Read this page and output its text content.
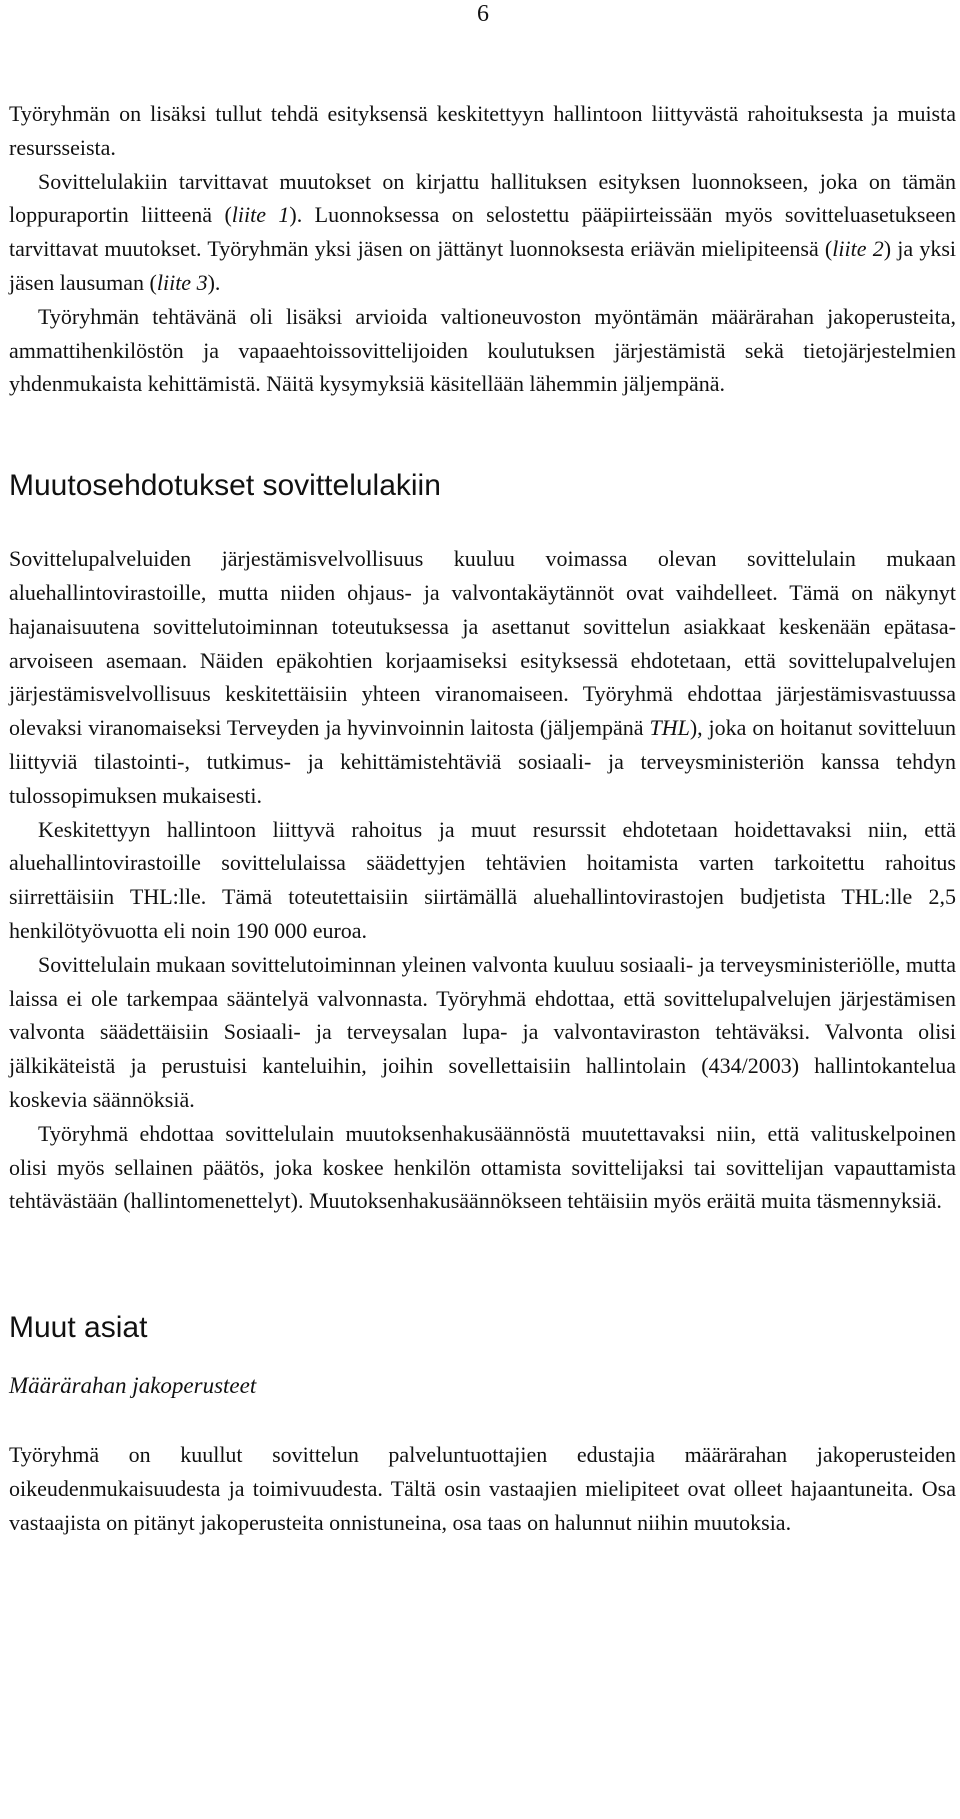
6

Työryhmän on lisäksi tullut tehdä esityksensä keskitettyyn hallintoon liittyvästä rahoituksesta ja muista resursseista.

Sovittelulakiin tarvittavat muutokset on kirjattu hallituksen esityksen luonnokseen, joka on tämän loppuraportin liitteenä (liite 1). Luonnoksessa on selostettu pääpiirteissään myös sovitteluasetukseen tarvittavat muutokset. Työryhmän yksi jäsen on jättänyt luonnoksesta eriävän mielipiteensä (liite 2) ja yksi jäsen lausuman (liite 3).

Työryhmän tehtävänä oli lisäksi arvioida valtioneuvoston myöntämän määrärahan jakoperusteita, ammattihenkilöstön ja vapaaehtoissovittelijoiden koulutuksen järjestämistä sekä tietojärjestelmien yhdenmukaista kehittämistä. Näitä kysymyksiä käsitellään lähemmin jäljempänä.

Muutosehdotukset sovittelulakiin

Sovittelupalveluiden järjestämisvelvollisuus kuuluu voimassa olevan sovittelulain mukaan aluehallintovirastoille, mutta niiden ohjaus- ja valvontakäytännöt ovat vaihdelleet. Tämä on näkynyt hajanaisuutena sovittelutoiminnan toteutuksessa ja asettanut sovittelun asiakkaat keskenään epätasa-arvoiseen asemaan. Näiden epäkohtien korjaamiseksi esityksessä ehdotetaan, että sovittelupalvelujen järjestämisvelvollisuus keskitettäisiin yhteen viranomaiseen. Työryhmä ehdottaa järjestämisvastuussa olevaksi viranomaiseksi Terveyden ja hyvinvoinnin laitosta (jäljempänä THL), joka on hoitanut sovitteluun liittyviä tilastointi-, tutkimus- ja kehittämistehtäviä sosiaali- ja terveysministeriön kanssa tehdyn tulossopimuksen mukaisesti.

Keskitettyyn hallintoon liittyvä rahoitus ja muut resurssit ehdotetaan hoidettavaksi niin, että aluehallintovirastoille sovittelulaissa säädettyjen tehtävien hoitamista varten tarkoitettu rahoitus siirrettäisiin THL:lle. Tämä toteutettaisiin siirtämällä aluehallintovirastojen budjetista THL:lle 2,5 henkilötyövuotta eli noin 190 000 euroa.

Sovittelulain mukaan sovittelutoiminnan yleinen valvonta kuuluu sosiaali- ja terveysministeriölle, mutta laissa ei ole tarkempaa sääntelyä valvonnasta. Työryhmä ehdottaa, että sovittelupalvelujen järjestämisen valvonta säädettäisiin Sosiaali- ja terveysalan lupa- ja valvontaviraston tehtäväksi. Valvonta olisi jälkikäteistä ja perustuisi kanteluihin, joihin sovellettaisiin hallintolain (434/2003) hallintokantelua koskevia säännöksiä.

Työryhmä ehdottaa sovittelulain muutoksenhakusäännöstä muutettavaksi niin, että valituskelpoinen olisi myös sellainen päätös, joka koskee henkilön ottamista sovittelijaksi tai sovittelijan vapauttamista tehtävästään (hallintomenettelyt). Muutoksenhakusäännökseen tehtäisiin myös eräitä muita täsmennyksiä.

Muut asiat
Määrärahan jakoperusteet

Työryhmä on kuullut sovittelun palveluntuottajien edustajia määrärahan jakoperusteiden oikeudenmukaisuudesta ja toimivuudesta. Tältä osin vastaajien mielipiteet ovat olleet hajaantuneita. Osa vastaajista on pitänyt jakoperusteita onnistuneina, osa taas on halunnut niihin muutoksia.
